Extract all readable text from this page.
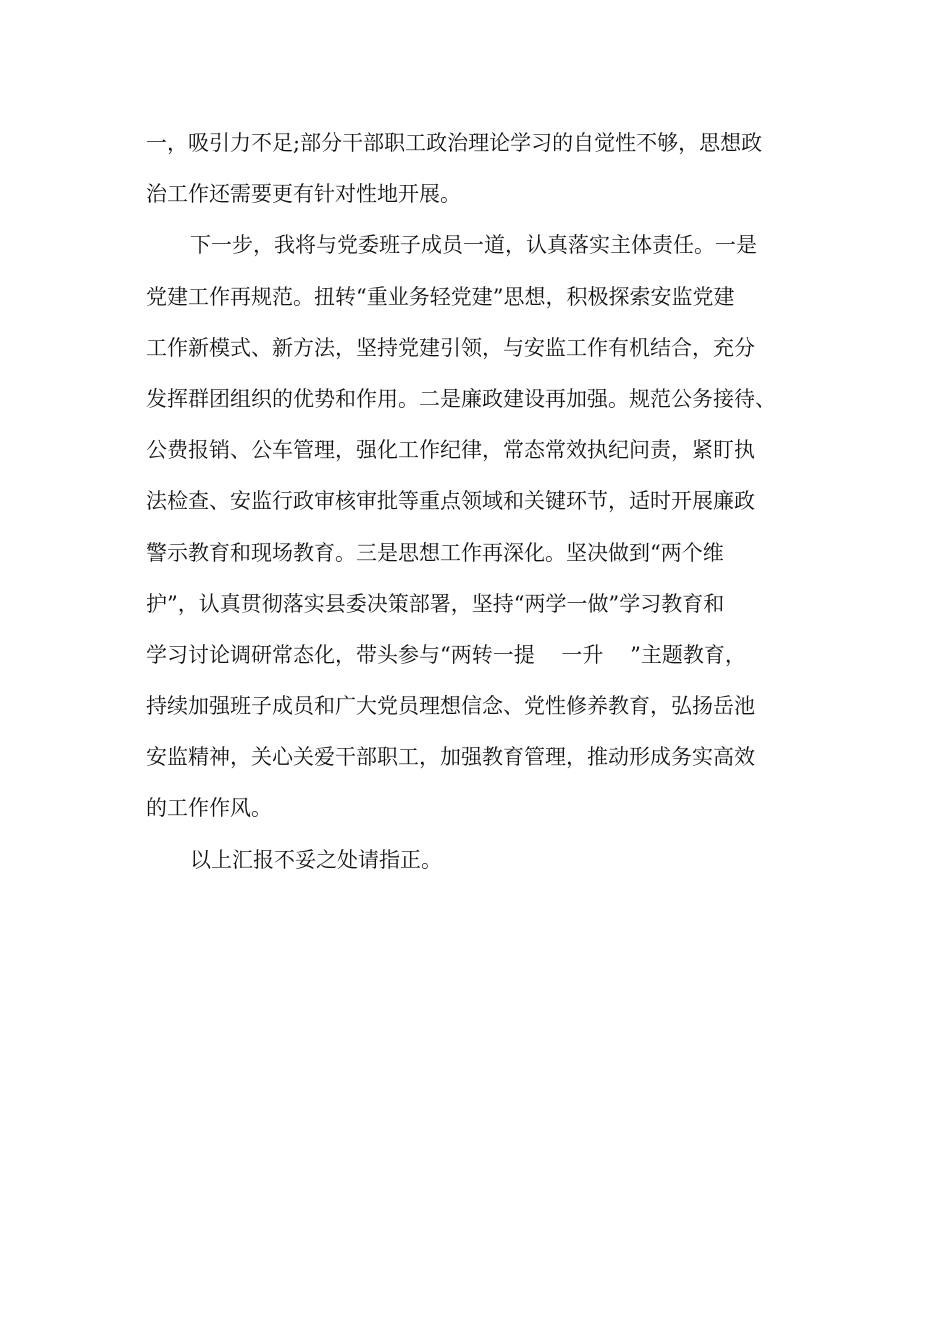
一，吸引力不足;部分干部职工政治理论学习的自觉性不够，思想政
治工作还需要更有针对性地开展。
下一步，我将与党委班子成员一道，认真落实主体责任。一是
党建工作再规范。扭转“重业务轻党建”思想，积极探索安监党建
工作新模式、新方法，坚持党建引领，与安监工作有机结合，充分
发挥群团组织的优势和作用。二是廉政建设再加强。规范公务接待、
公费报销、公车管理，强化工作纪律，常态常效执纪问责，紧盯执
法检查、安监行政审核审批等重点领域和关键环节，适时开展廉政
警示教育和现场教育。三是思想工作再深化。坚决做到“两个维
护”，认真贯彻落实县委决策部署，坚持“两学一做”学习教育和
学习讨论调研常态化，带头参与“两转一提    一升    ”主题教育，
持续加强班子成员和广大党员理想信念、党性修养教育，弘扬岳池
安监精神，关心关爱干部职工，加强教育管理，推动形成务实高效
的工作作风。
以上汇报不妥之处请指正。
